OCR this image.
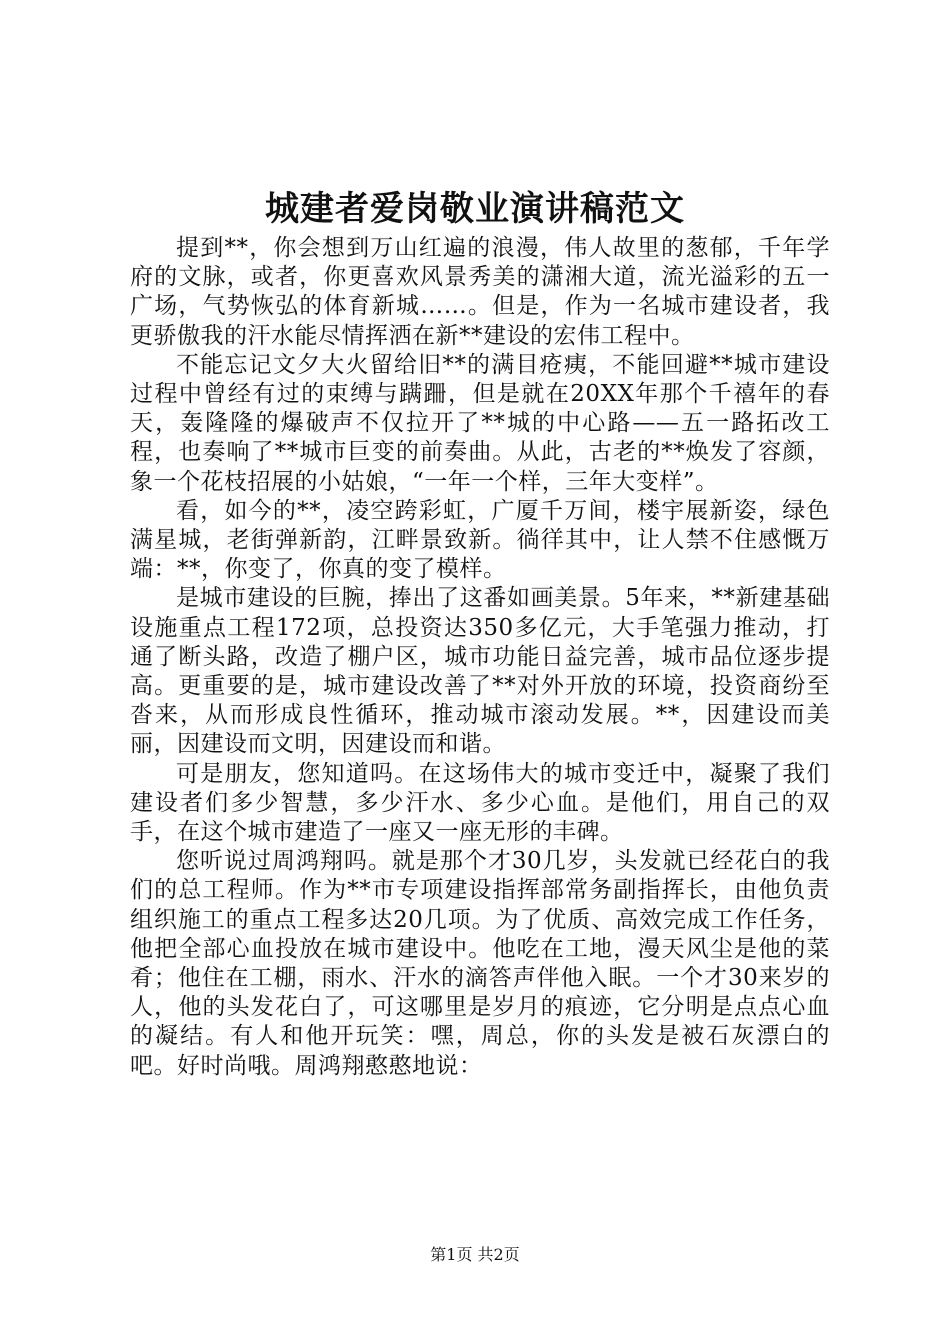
城建者爱岗敬业演讲稿范文

提到**，你会想到万山红遍的浪漫，伟人故里的葱郁，千年学府的文脉，或者，你更喜欢风景秀美的潇湘大道，流光溢彩的五一广场，气势恢弘的体育新城……。但是，作为一名城市建设者，我更骄傲我的汗水能尽情挥洒在新**建设的宏伟工程中。

不能忘记文夕大火留给旧**的满目疮痍，不能回避**城市建设过程中曾经有过的束缚与蹒跚，但是就在20XX年那个千禧年的春天，轰隆隆的爆破声不仅拉开了**城的中心路——五一路拓改工程，也奏响了**城市巨变的前奏曲。从此，古老的**焕发了容颜，象一个花枝招展的小姑娘，“一年一个样，三年大变样”。

看，如今的**，凌空跨彩虹，广厦千万间，楼宇展新姿，绿色满星城，老街弹新韵，江畔景致新。徜徉其中，让人禁不住感慨万端：**，你变了，你真的变了模样。

是城市建设的巨腕，捧出了这番如画美景。5年来，**新建基础设施重点工程172项，总投资达350多亿元，大手笔强力推动，打通了断头路，改造了棚户区，城市功能日益完善，城市品位逐步提高。更重要的是，城市建设改善了**对外开放的环境，投资商纷至沓来，从而形成良性循环，推动城市滚动发展。**，因建设而美丽，因建设而文明，因建设而和谐。

可是朋友，您知道吗。在这场伟大的城市变迁中，凝聚了我们建设者们多少智慧，多少汗水、多少心血。是他们，用自己的双手，在这个城市建造了一座又一座无形的丰碑。

您听说过周鸿翔吗。就是那个才30几岁，头发就已经花白的我们的总工程师。作为**市专项建设指挥部常务副指挥长，由他负责组织施工的重点工程多达20几项。为了优质、高效完成工作任务，他把全部心血投放在城市建设中。他吃在工地，漫天风尘是他的菜肴；他住在工棚，雨水、汗水的滴答声伴他入眠。一个才30来岁的人，他的头发花白了，可这哪里是岁月的痕迹，它分明是点点心血的凝结。有人和他开玩笑：嘿，周总，你的头发是被石灰漂白的吧。好时尚哦。周鸿翔憨憨地说：

第1页 共2页
